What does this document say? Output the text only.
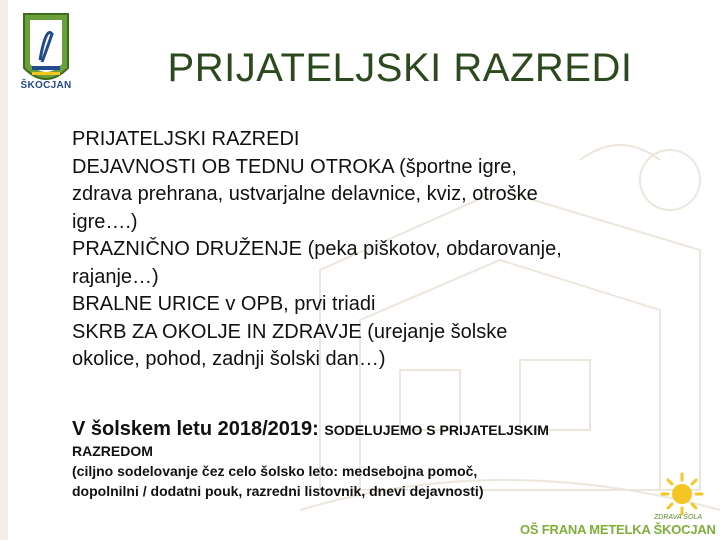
ŠKOCJAN	PRIJATELJSKI RAZREDI
PRIJATELJSKI RAZREDI
DEJAVNOSTI OB TEDNU OTROKA (športne igre,
zdrava prehrana, ustvarjalne delavnice, kviz, otroške
igre….)
PRAZNIČNO DRUŽENJE (peka piškotov, obdarovanje,
rajanje…)
BRALNE URICE v OPB, prvi triadi
SKRB ZA OKOLJE IN ZDRAVJE (urejanje šolske
okolice, pohod, zadnji šolski dan…)
V šolskem letu 2018/2019: SODELUJEMO S PRIJATELJSKIM
RAZREDOM
(ciljno sodelovanje čez celo šolsko leto: medsebojna pomoč,
dopolnilni / dodatni pouk, razredni listovnik, dnevi dejavnosti)
ZDRAVA ŠOLA
OŠ FRANA METELKA ŠKOCJAN
